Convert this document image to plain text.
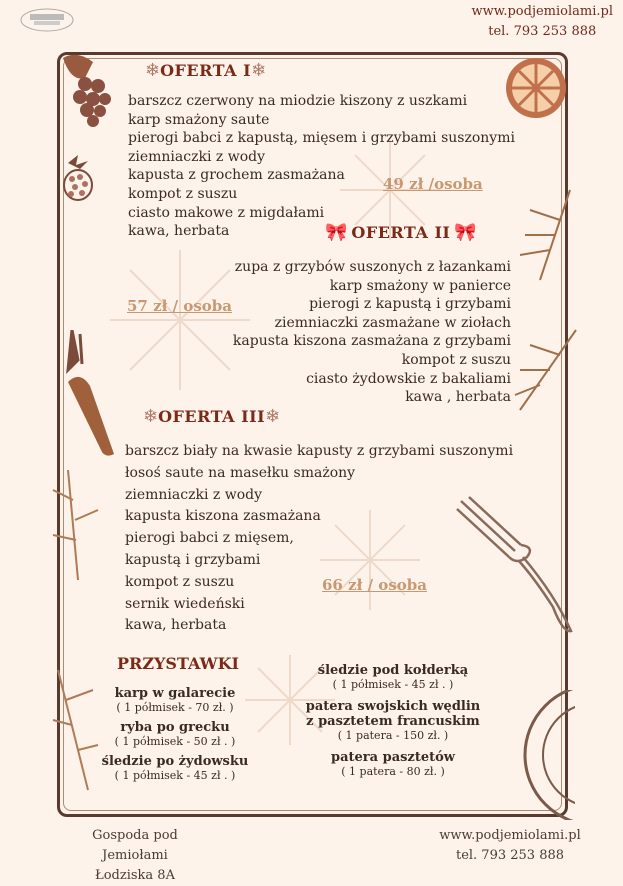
www.podjemiolami.pl
tel. 793 253 888
❄OFERTA I❄
barszcz czerwony na miodzie kiszony z uszkami
karp smażony saute
pierogi babci z kapustą, mięsem i grzybami suszonymi
ziemniaczki z wody
kapusta z grochem zasmażana
kompot z suszu
ciasto makowe z migdałami
kawa, herbata
49 zł /osoba
🎀 OFERTA II 🎀
zupa z grzybów suszonych z łazankami
karp smażony w panierce
pierogi z kapustą i grzybami
ziemniaczki zasmażane w ziołach
kapusta kiszona zasmażana z grzybami
kompot z suszu
ciasto żydowskie z bakaliami
kawa , herbata
57 zł / osoba
❄OFERTA III❄
barszcz biały na kwasie kapusty z grzybami suszonymi
łosoś saute na masełku smażony
ziemniaczki z wody
kapusta kiszona zasmażana
pierogi babci z mięsem,
kapustą i grzybami
kompot z suszu
sernik wiedeński
kawa, herbata
66 zł / osoba
PRZYSTAWKI
karp w galarecie
( 1 półmisek - 70 zł. )
ryba po grecku
( 1 półmisek - 50 zł . )
śledzie po żydowsku
( 1 półmisek - 45 zł . )
śledzie pod kołderką
( 1 półmisek - 45 zł . )
patera swojskich wędlin
z pasztetem francuskim
( 1 patera - 150 zł. )
patera pasztetów
( 1 patera - 80 zł. )
Gospoda pod Jemiołami
Łodziska 8A
www.podjemiolami.pl
tel. 793 253 888
